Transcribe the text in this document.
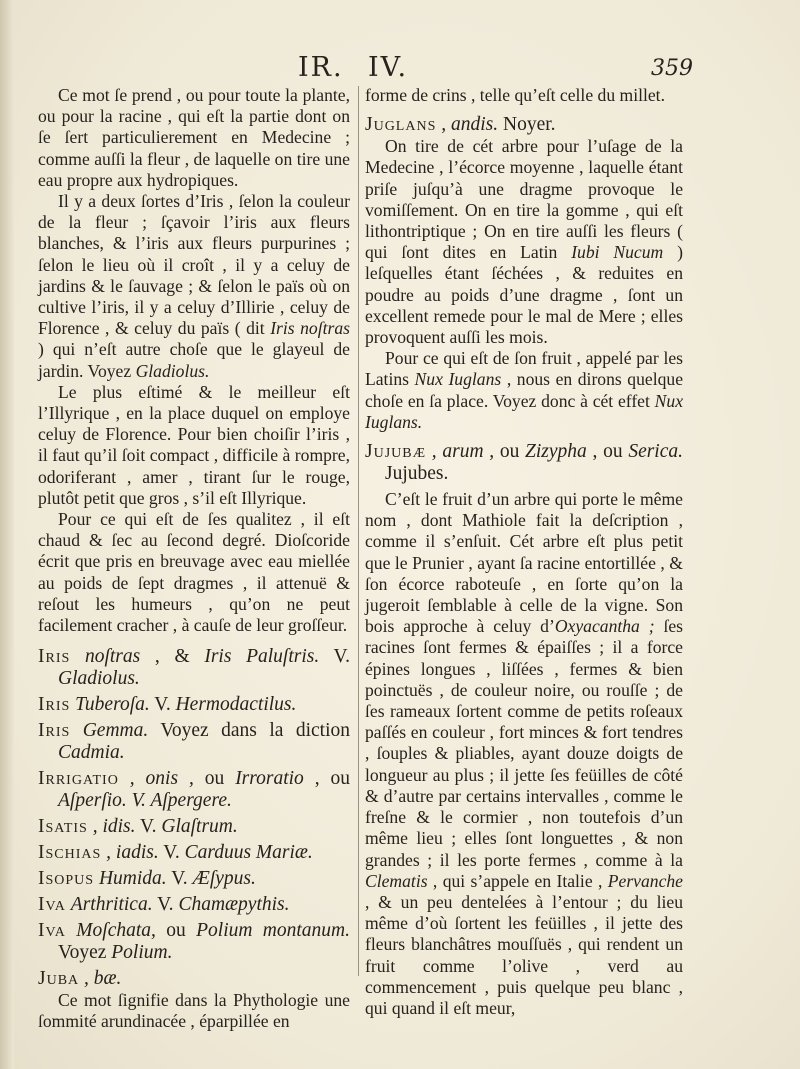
IR. IV.	359

Ce mot ſe prend , ou pour toute la plante, ou pour la racine , qui eſt la partie dont on ſe ſert particulierement en Medecine ; comme auſſi la fleur , de laquelle on tire une eau propre aux hydropiques.

Il y a deux ſortes d’Iris , ſelon la couleur de la fleur ; ſçavoir l’iris aux fleurs blanches, & l’iris aux fleurs purpurines ; ſelon le lieu où il croît , il y a celuy de jardins & le ſauvage ; & ſelon le païs où on cultive l’iris, il y a celuy d’Illirie , celuy de Florence , & celuy du païs ( dit Iris noſtras ) qui n’eſt autre choſe que le glayeul de jardin. Voyez Gladiolus.

Le plus eſtimé & le meilleur eſt l’Illyrique , en la place duquel on employe celuy de Florence. Pour bien choiſir l’iris , il faut qu’il ſoit compact , difficile à rompre, odoriferant , amer , tirant ſur le rouge, plutôt petit que gros , s’il eſt Illyrique.

Pour ce qui eſt de ſes qualitez , il eſt chaud & ſec au ſecond degré. Dioſcoride écrit que pris en breuvage avec eau miellée au poids de ſept dragmes , il attenuë & reſout les humeurs , qu’on ne peut facilement cracher , à cauſe de leur groſſeur.

Iris noſtras , & Iris Paluſtris. V. Gladiolus.

Iris Tuberoſa. V. Hermodactilus.

Iris Gemma. Voyez dans la diction Cadmia.

Irrigatio , onis , ou Irroratio , ou Aſperſio. V. Aſpergere.

Isatis , idis. V. Glaſtrum.

Ischias , iadis. V. Carduus Mariæ.

Isopus Humida. V. Æſypus.

Iva Arthritica. V. Chamæpythis.

Iva Moſchata, ou Polium montanum. Voyez Polium.

Juba , bæ.

Ce mot ſignifie dans la Phythologie une ſommité arundinacée , éparpillée en

forme de crins , telle qu’eſt celle du millet.

Juglans , andis. Noyer.

On tire de cét arbre pour l’uſage de la Medecine , l’écorce moyenne , laquelle étant priſe juſqu’à une dragme provoque le vomiſſement. On en tire la gomme , qui eſt lithontriptique ; On en tire auſſi les fleurs ( qui ſont dites en Latin Iubi Nucum ) leſquelles étant ſéchées , & reduites en poudre au poids d’une dragme , ſont un excellent remede pour le mal de Mere ; elles provoquent auſſi les mois.

Pour ce qui eſt de ſon fruit , appelé par les Latins Nux Iuglans , nous en dirons quelque choſe en ſa place. Voyez donc à cét effet Nux Iuglans.

Jujubæ , arum , ou Zizypha , ou Serica. Jujubes.

C’eſt le fruit d’un arbre qui porte le même nom , dont Mathiole fait la deſcription , comme il s’enſuit. Cét arbre eſt plus petit que le Prunier , ayant ſa racine entortillée , & ſon écorce raboteuſe , en ſorte qu’on la jugeroit ſemblable à celle de la vigne. Son bois approche à celuy d’Oxyacantha ; ſes racines ſont fermes & épaiſſes ; il a force épines longues , liſſées , fermes & bien poinctuës , de couleur noire, ou rouſſe ; de ſes rameaux ſortent comme de petits roſeaux paſſés en couleur , fort minces & fort tendres , ſouples & pliables, ayant douze doigts de longueur au plus ; il jette ſes feüilles de côté & d’autre par certains intervalles , comme le freſne & le cormier , non toutefois d’un même lieu ; elles ſont longuettes , & non grandes ; il les porte fermes , comme à la Clematis , qui s’appele en Italie , Pervanche , & un peu dentelées à l’entour ; du lieu même d’où ſortent les feüilles , il jette des fleurs blanchâtres mouſſuës , qui rendent un fruit comme l’olive , verd au commencement , puis quelque peu blanc , qui quand il eſt meur,
